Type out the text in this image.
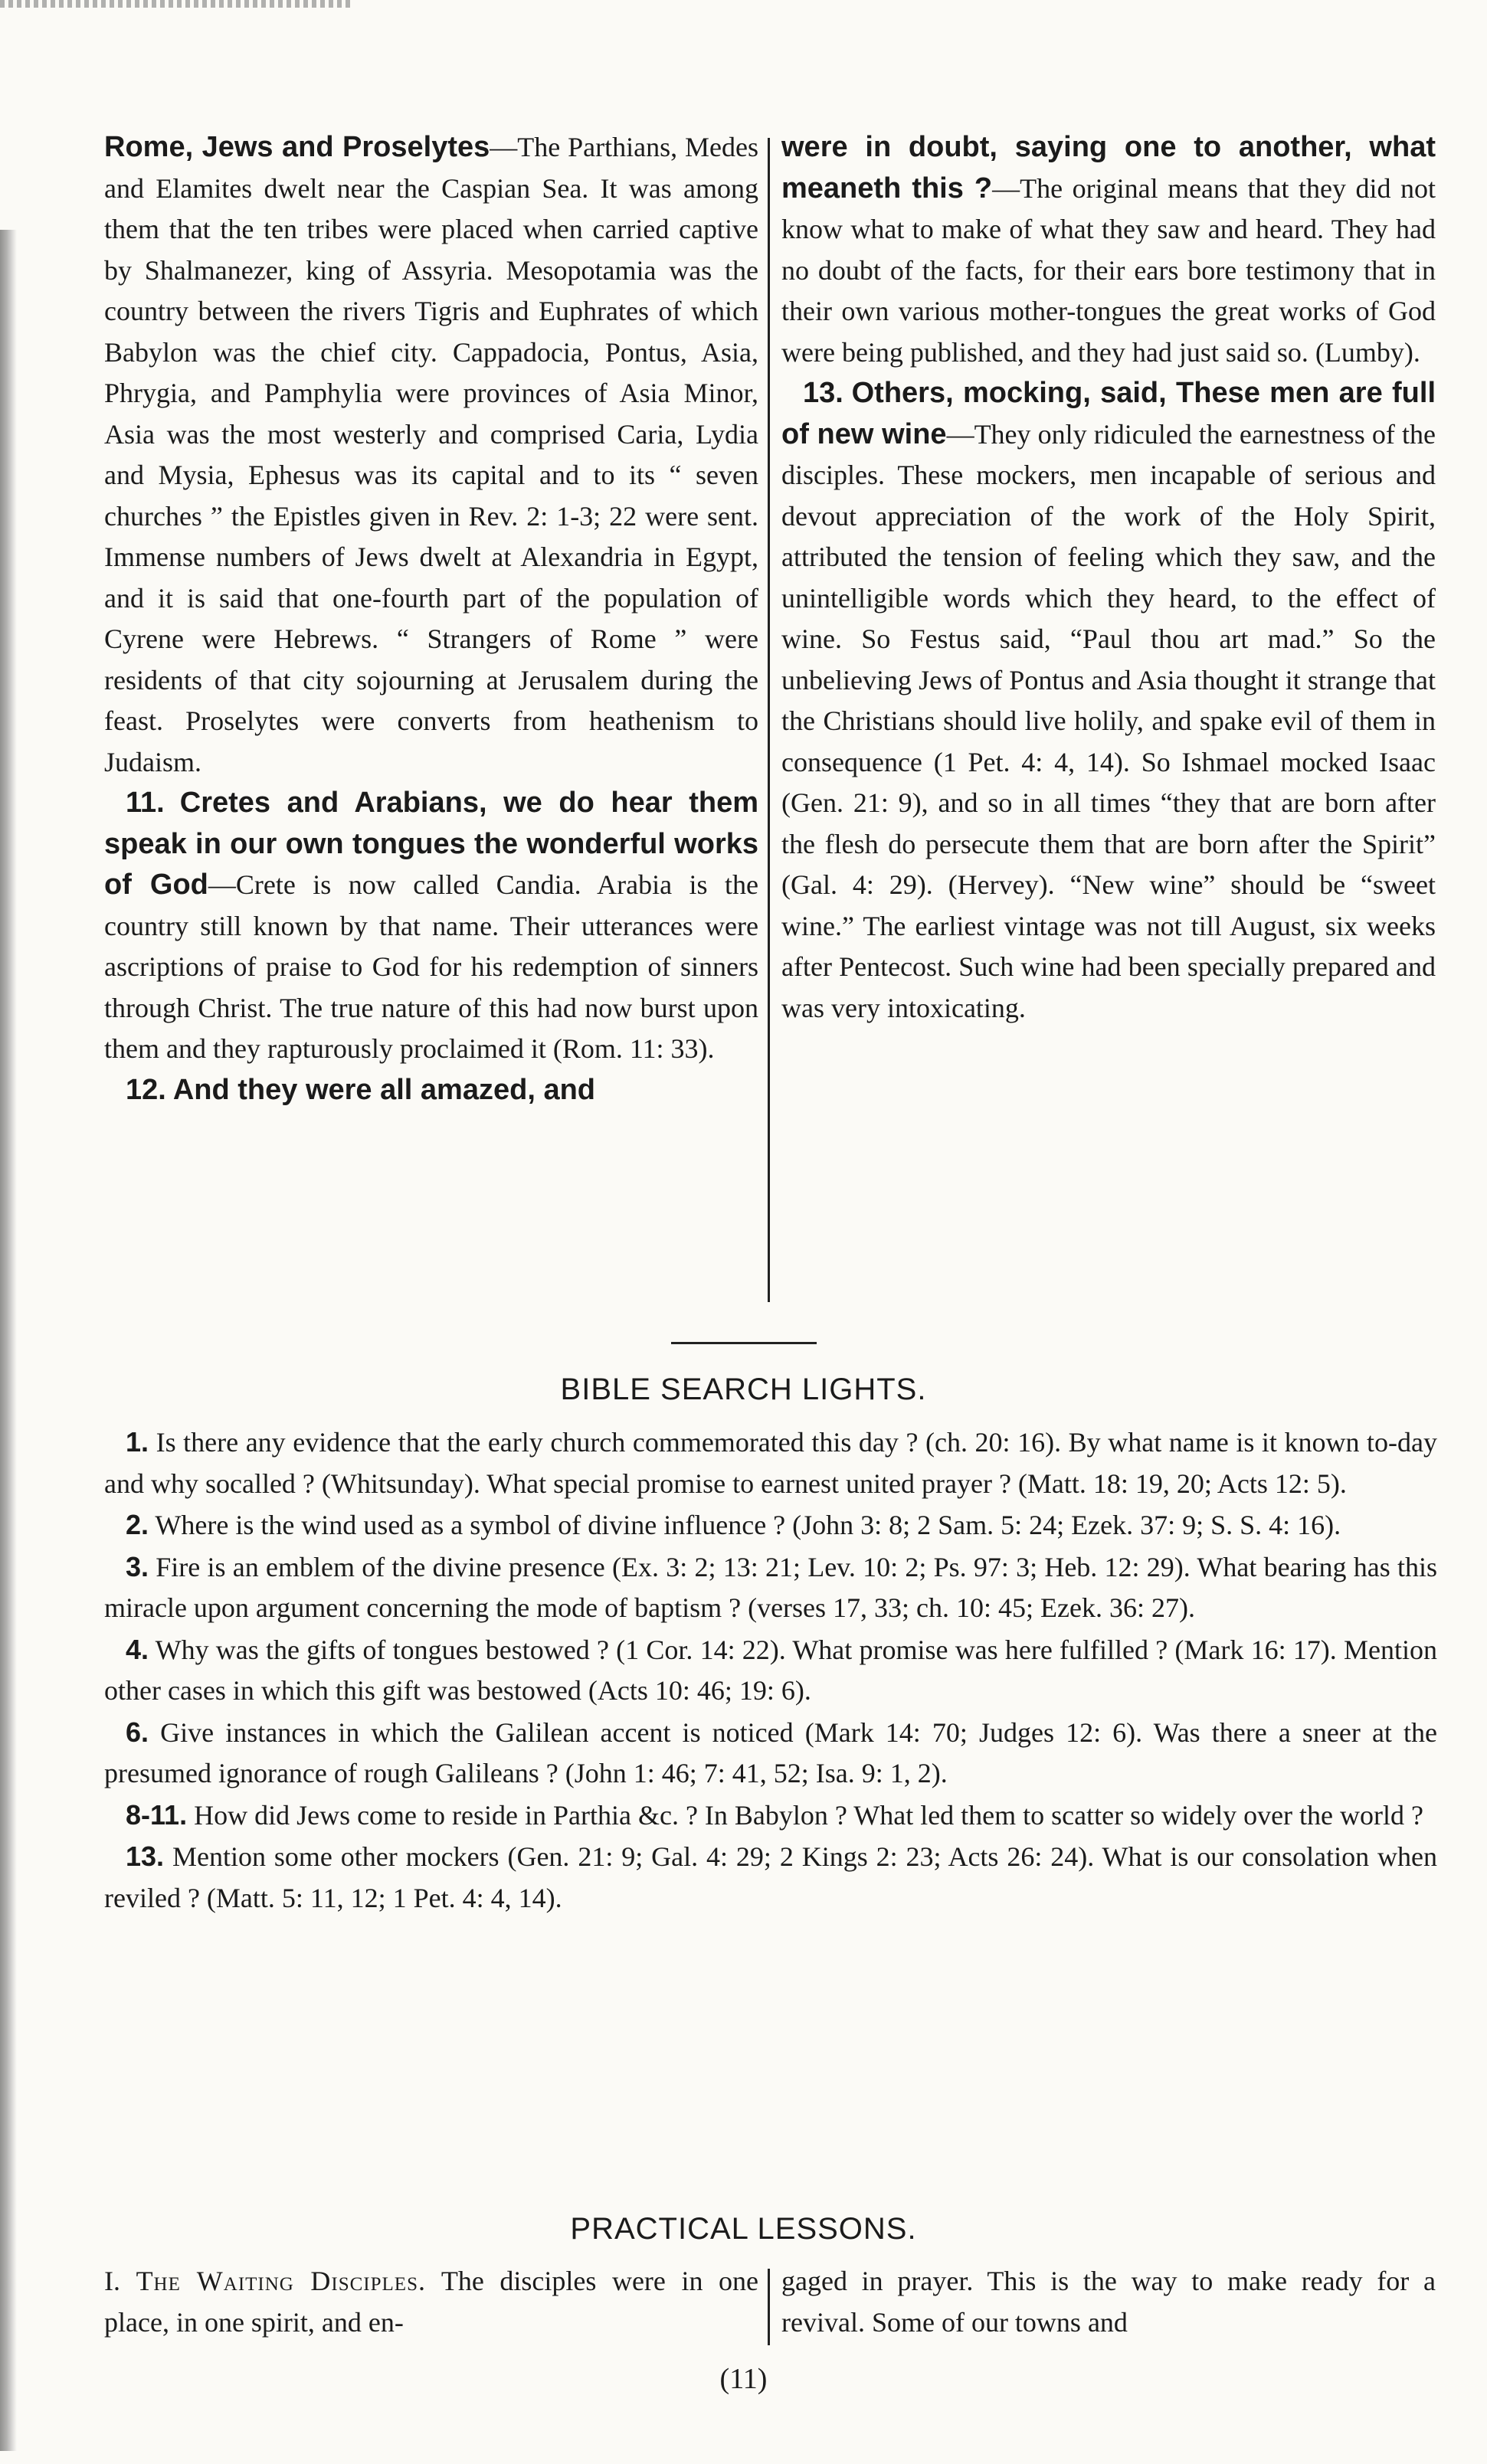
Rome, Jews and Proselytes—The Parthians, Medes and Elamites dwelt near the Caspian Sea. It was among them that the ten tribes were placed when carried captive by Shalmanezer, king of Assyria. Mesopotamia was the country between the rivers Tigris and Euphrates of which Babylon was the chief city. Cappadocia, Pontus, Asia, Phrygia, and Pamphylia were provinces of Asia Minor, Asia was the most westerly and comprised Caria, Lydia and Mysia, Ephesus was its capital and to its “ seven churches ” the Epistles given in Rev. 2: 1-3; 22 were sent. Immense numbers of Jews dwelt at Alexandria in Egypt, and it is said that one-fourth part of the population of Cyrene were Hebrews. “ Strangers of Rome ” were residents of that city sojourning at Jerusalem during the feast. Proselytes were converts from heathenism to Judaism.

11. Cretes and Arabians, we do hear them speak in our own tongues the wonderful works of God—Crete is now called Candia. Arabia is the country still known by that name. Their utterances were ascriptions of praise to God for his redemption of sinners through Christ. The true nature of this had now burst upon them and they rapturously proclaimed it (Rom. 11: 33).

12. And they were all amazed, and

were in doubt, saying one to another, what meaneth this ?—The original means that they did not know what to make of what they saw and heard. They had no doubt of the facts, for their ears bore testimony that in their own various mother-tongues the great works of God were being published, and they had just said so. (Lumby).

13. Others, mocking, said, These men are full of new wine—They only ridiculed the earnestness of the disciples. These mockers, men incapable of serious and devout appreciation of the work of the Holy Spirit, attributed the tension of feeling which they saw, and the unintelligible words which they heard, to the effect of wine. So Festus said, “Paul thou art mad.” So the unbelieving Jews of Pontus and Asia thought it strange that the Christians should live holily, and spake evil of them in consequence (1 Pet. 4: 4, 14). So Ishmael mocked Isaac (Gen. 21: 9), and so in all times “they that are born after the flesh do persecute them that are born after the Spirit” (Gal. 4: 29). (Hervey). “New wine” should be “sweet wine.” The earliest vintage was not till August, six weeks after Pentecost. Such wine had been specially prepared and was very intoxicating.

BIBLE SEARCH LIGHTS.

1. Is there any evidence that the early church commemorated this day ? (ch. 20: 16). By what name is it known to-day and why socalled ? (Whitsunday). What special promise to earnest united prayer ? (Matt. 18: 19, 20; Acts 12: 5).

2. Where is the wind used as a symbol of divine influence ? (John 3: 8; 2 Sam. 5: 24; Ezek. 37: 9; S. S. 4: 16).

3. Fire is an emblem of the divine presence (Ex. 3: 2; 13: 21; Lev. 10: 2; Ps. 97: 3; Heb. 12: 29). What bearing has this miracle upon argument concerning the mode of baptism ? (verses 17, 33; ch. 10: 45; Ezek. 36: 27).

4. Why was the gifts of tongues bestowed ? (1 Cor. 14: 22). What promise was here fulfilled ? (Mark 16: 17). Mention other cases in which this gift was bestowed (Acts 10: 46; 19: 6).

6. Give instances in which the Galilean accent is noticed (Mark 14: 70; Judges 12: 6). Was there a sneer at the presumed ignorance of rough Galileans ? (John 1: 46; 7: 41, 52; Isa. 9: 1, 2).

8-11. How did Jews come to reside in Parthia &c. ? In Babylon ? What led them to scatter so widely over the world ?

13. Mention some other mockers (Gen. 21: 9; Gal. 4: 29; 2 Kings 2: 23; Acts 26: 24). What is our consolation when reviled ? (Matt. 5: 11, 12; 1 Pet. 4: 4, 14).

PRACTICAL LESSONS.
I. The Waiting Disciples. The disciples were in one place, in one spirit, and en-
gaged in prayer. This is the way to make ready for a revival. Some of our towns and
(11)
